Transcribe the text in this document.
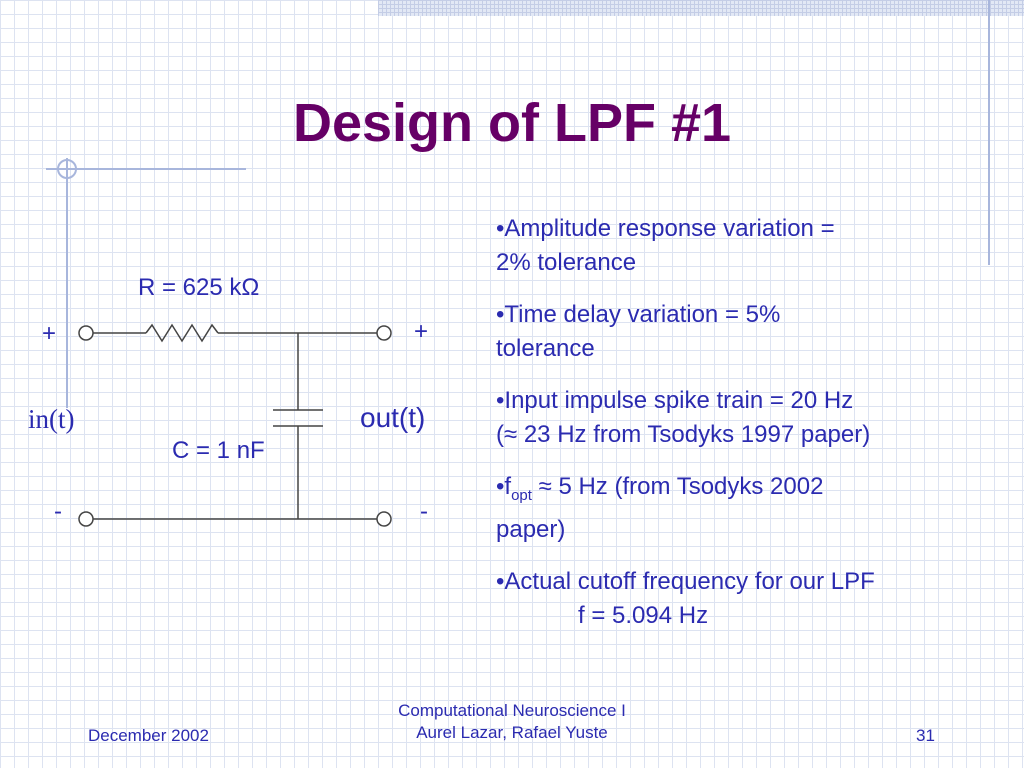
Design of LPF #1
R = 625 kΩ
+	+
in(t)	out(t)
C = 1 nF
-	-
•Amplitude response variation =
2% tolerance
•Time delay variation = 5%
tolerance
•Input impulse spike train = 20 Hz
(≈ 23 Hz from Tsodyks 1997 paper)
$•f_{opt} \approx 5$ Hz (from Tsodyks 2002
paper)
•Actual cutoff frequency for our LPF

f = 5.094 Hz
December 2002
Computational Neuroscience I
Aurel Lazar, Rafael Yuste	31
